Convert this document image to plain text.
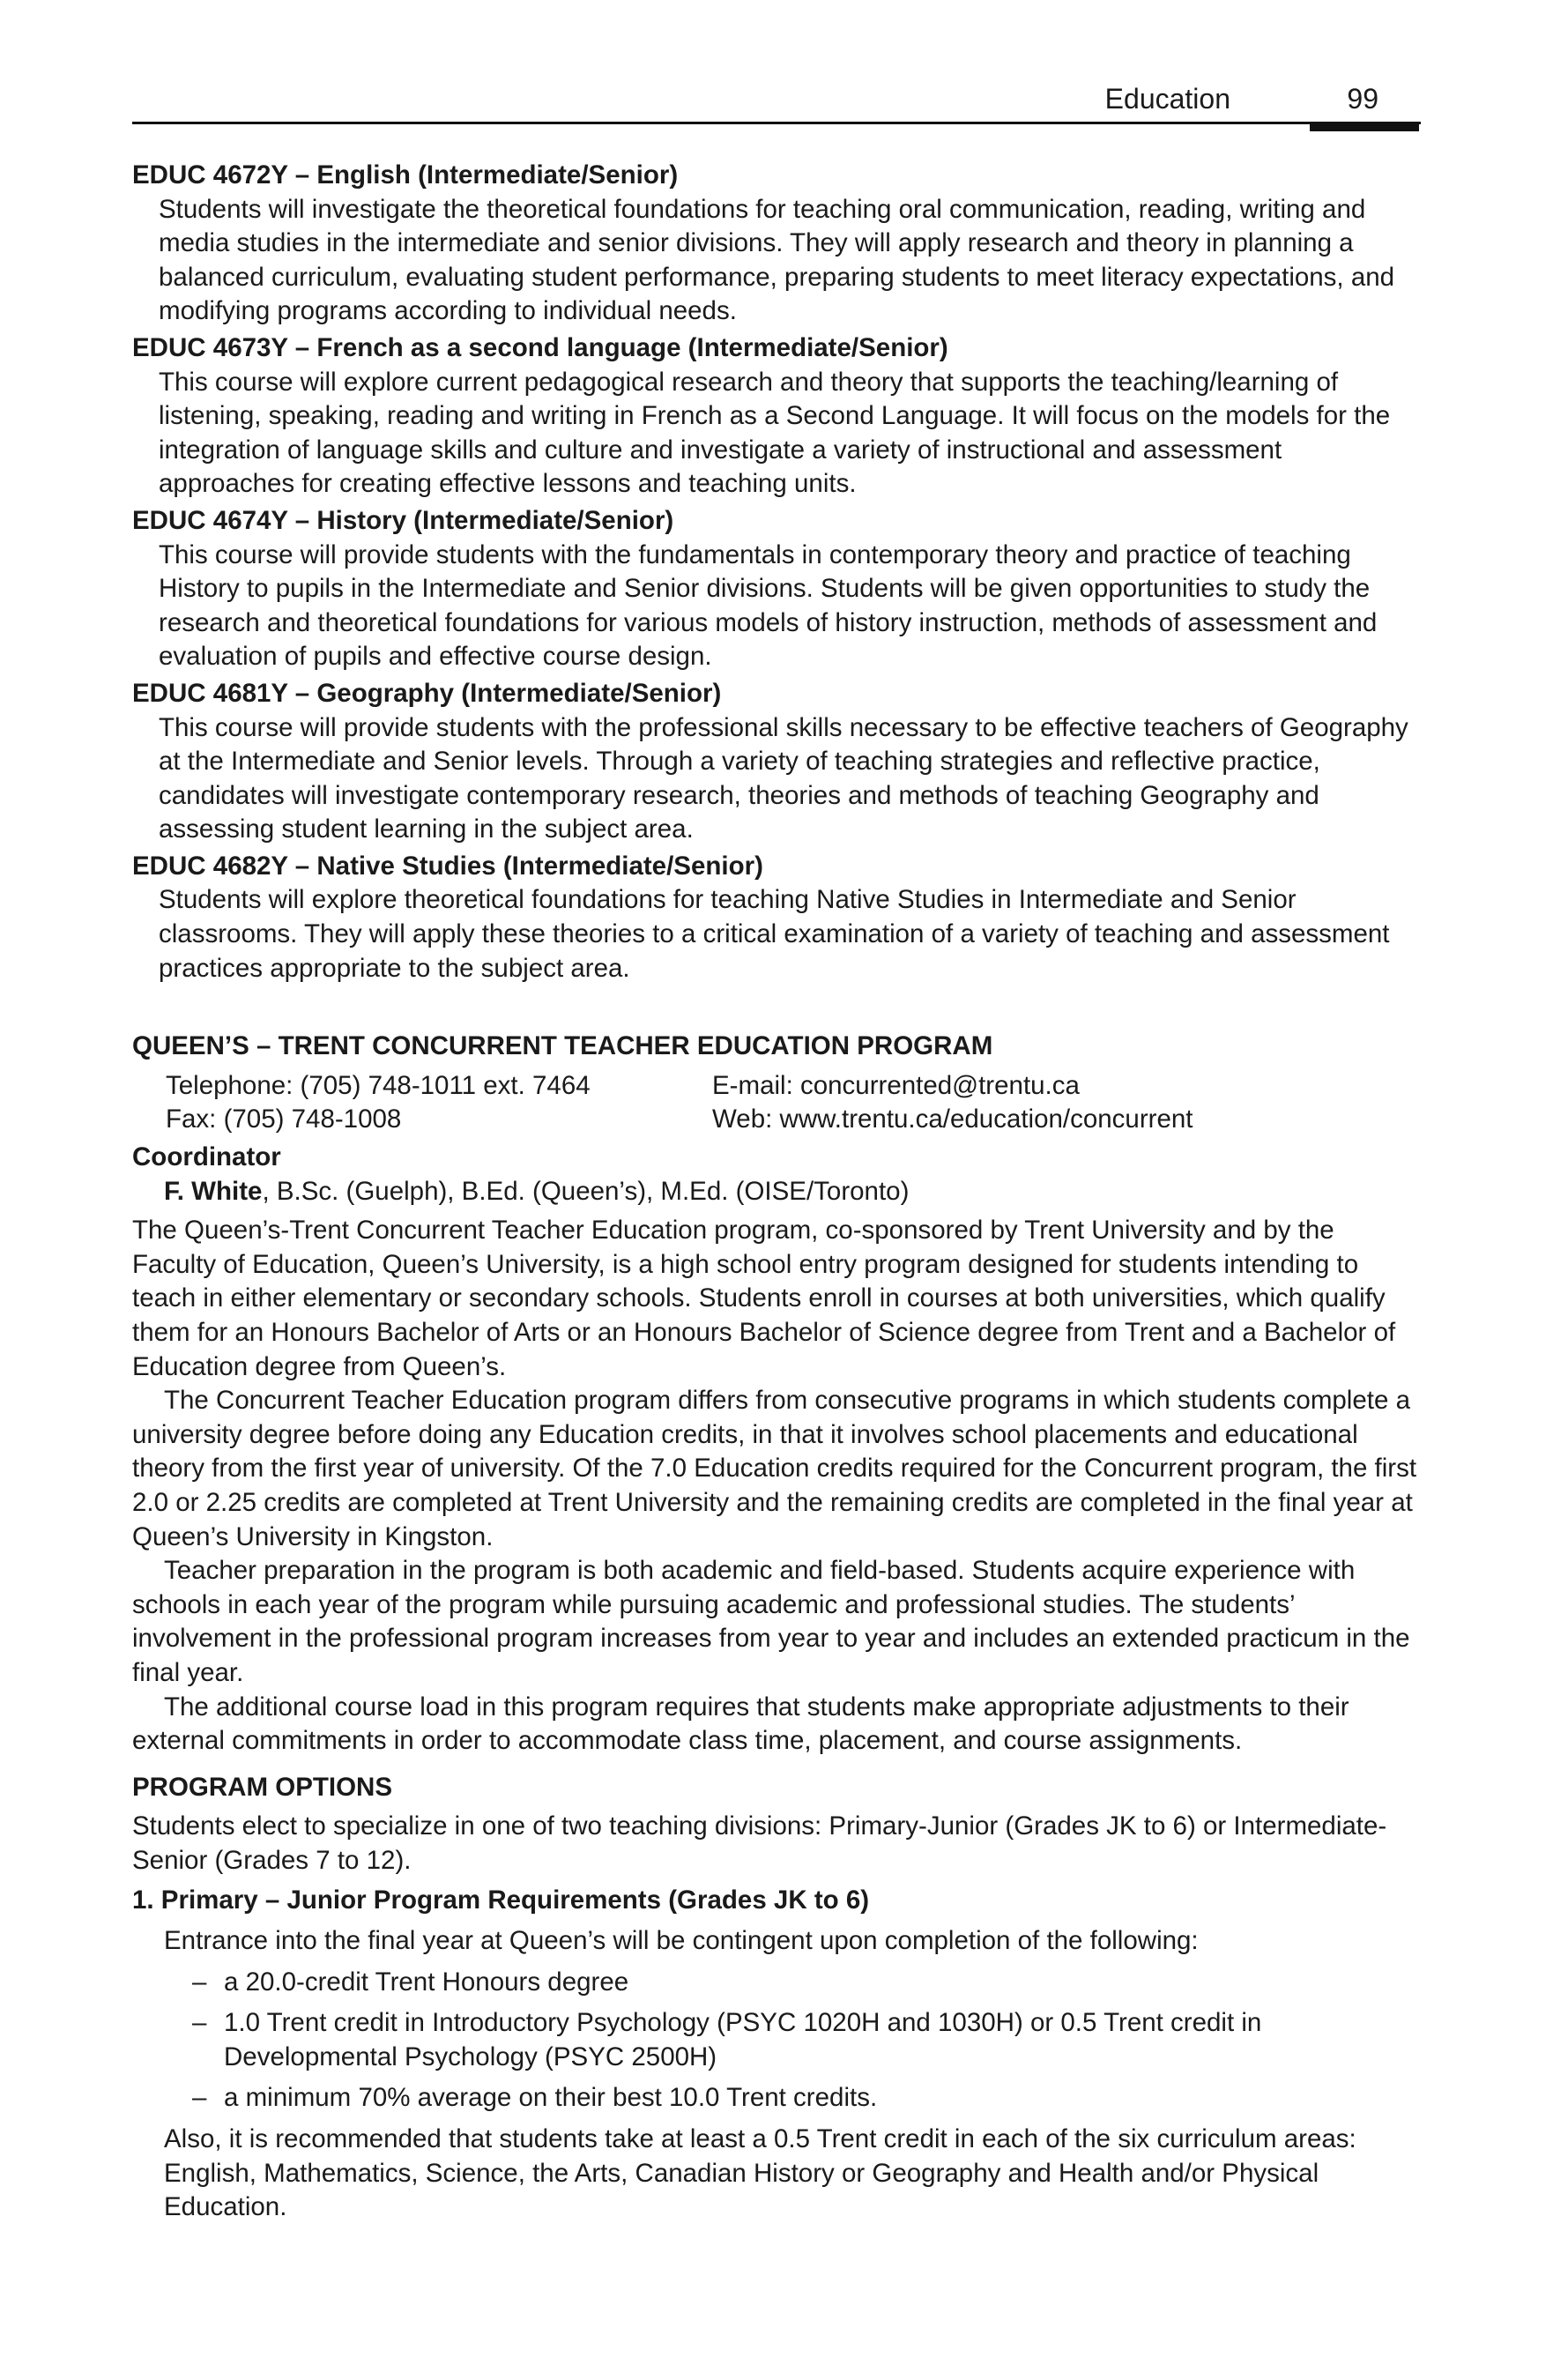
Education	99

EDUC 4672Y – English (Intermediate/Senior)

Students will investigate the theoretical foundations for teaching oral communication, reading, writing and media studies in the intermediate and senior divisions. They will apply research and theory in planning a balanced curriculum, evaluating student performance, preparing students to meet literacy expectations, and modifying programs according to individual needs.

EDUC 4673Y – French as a second language (Intermediate/Senior)

This course will explore current pedagogical research and theory that supports the teaching/learning of listening, speaking, reading and writing in French as a Second Language. It will focus on the models for the integration of language skills and culture and investigate a variety of instructional and assessment approaches for creating effective lessons and teaching units.

EDUC 4674Y – History (Intermediate/Senior)

This course will provide students with the fundamentals in contemporary theory and practice of teaching History to pupils in the Intermediate and Senior divisions. Students will be given opportunities to study the research and theoretical foundations for various models of history instruction, methods of assessment and evaluation of pupils and effective course design.

EDUC 4681Y – Geography (Intermediate/Senior)

This course will provide students with the professional skills necessary to be effective teachers of Geography at the Intermediate and Senior levels. Through a variety of teaching strategies and reflective practice, candidates will investigate contemporary research, theories and methods of teaching Geography and assessing student learning in the subject area.

EDUC 4682Y – Native Studies (Intermediate/Senior)

Students will explore theoretical foundations for teaching Native Studies in Intermediate and Senior classrooms. They will apply these theories to a critical examination of a variety of teaching and assessment practices appropriate to the subject area.

QUEEN’S – TRENT CONCURRENT TEACHER EDUCATION PROGRAM
Telephone: (705) 748-1011 ext. 7464	E-mail: concurrented@trentu.ca
Fax: (705) 748-1008	Web: www.trentu.ca/education/concurrent
Coordinator
F. White, B.Sc. (Guelph), B.Ed. (Queen’s), M.Ed. (OISE/Toronto)

The Queen’s-Trent Concurrent Teacher Education program, co-sponsored by Trent University and by the Faculty of Education, Queen’s University, is a high school entry program designed for students intending to teach in either elementary or secondary schools. Students enroll in courses at both universities, which qualify them for an Honours Bachelor of Arts or an Honours Bachelor of Science degree from Trent and a Bachelor of Education degree from Queen’s.

The Concurrent Teacher Education program differs from consecutive programs in which students complete a university degree before doing any Education credits, in that it involves school placements and educational theory from the first year of university. Of the 7.0 Education credits required for the Concurrent program, the first 2.0 or 2.25 credits are completed at Trent University and the remaining credits are completed in the final year at Queen’s University in Kingston.

Teacher preparation in the program is both academic and field-based. Students acquire experience with schools in each year of the program while pursuing academic and professional studies. The students’ involvement in the professional program increases from year to year and includes an extended practicum in the final year.

The additional course load in this program requires that students make appropriate adjustments to their external commitments in order to accommodate class time, placement, and course assignments.

PROGRAM OPTIONS

Students elect to specialize in one of two teaching divisions: Primary-Junior (Grades JK to 6) or Intermediate-Senior (Grades 7 to 12).

1. Primary – Junior Program Requirements (Grades JK to 6)

Entrance into the final year at Queen’s will be contingent upon completion of the following:

– a 20.0-credit Trent Honours degree
– 1.0 Trent credit in Introductory Psychology (PSYC 1020H and 1030H) or 0.5 Trent credit in Developmental Psychology (PSYC 2500H)
– a minimum 70% average on their best 10.0 Trent credits.

Also, it is recommended that students take at least a 0.5 Trent credit in each of the six curriculum areas: English, Mathematics, Science, the Arts, Canadian History or Geography and Health and/or Physical Education.
